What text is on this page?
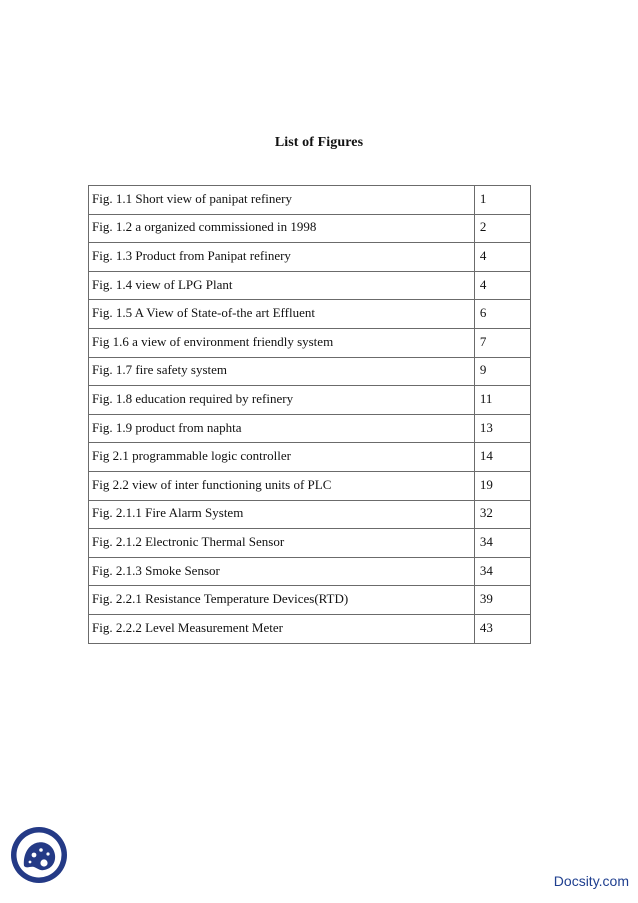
List of Figures
Fig. 1.1 Short view of panipat refinery	1
Fig. 1.2 a organized commissioned in 1998	2
Fig. 1.3 Product from Panipat refinery	4
Fig. 1.4 view of LPG Plant	4
Fig. 1.5 A View of State-of-the art Effluent	6
Fig 1.6 a view of environment friendly system	7
Fig. 1.7 fire safety system	9
Fig. 1.8 education required by refinery	11
Fig. 1.9 product from naphta	13
Fig 2.1 programmable logic controller	14
Fig 2.2 view of inter functioning units of PLC	19
Fig. 2.1.1 Fire Alarm System	32
Fig. 2.1.2 Electronic Thermal Sensor	34
Fig. 2.1.3 Smoke Sensor	34
Fig. 2.2.1 Resistance Temperature Devices(RTD)	39
Fig. 2.2.2 Level Measurement Meter	43
Docsity.com
